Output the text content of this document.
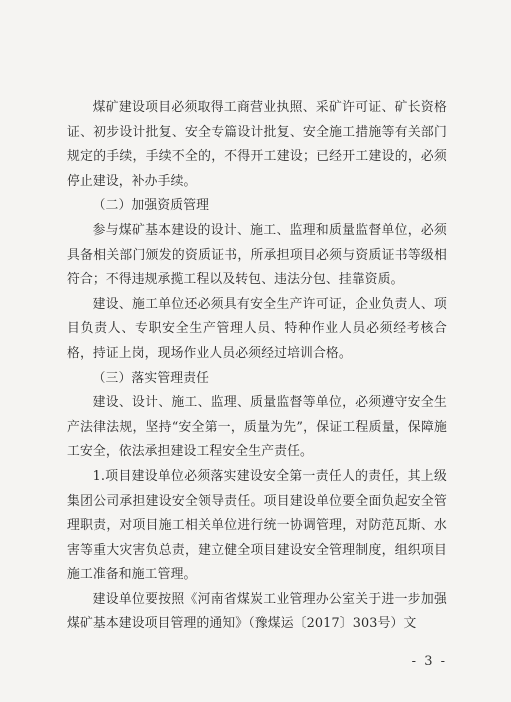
煤矿建设项目必须取得工商营业执照、采矿许可证、矿长资格证、初步设计批复、安全专篇设计批复、安全施工措施等有关部门规定的手续，手续不全的，不得开工建设；已经开工建设的，必须停止建设，补办手续。

（二）加强资质管理

参与煤矿基本建设的设计、施工、监理和质量监督单位，必须具备相关部门颁发的资质证书，所承担项目必须与资质证书等级相符合；不得违规承揽工程以及转包、违法分包、挂靠资质。

建设、施工单位还必须具有安全生产许可证，企业负责人、项目负责人、专职安全生产管理人员、特种作业人员必须经考核合格，持证上岗，现场作业人员必须经过培训合格。

（三）落实管理责任

建设、设计、施工、监理、质量监督等单位，必须遵守安全生产法律法规，坚持“安全第一，质量为先”，保证工程质量，保障施工安全，依法承担建设工程安全生产责任。

1.项目建设单位必须落实建设安全第一责任人的责任，其上级集团公司承担建设安全领导责任。项目建设单位要全面负起安全管理职责，对项目施工相关单位进行统一协调管理，对防范瓦斯、水害等重大灾害负总责，建立健全项目建设安全管理制度，组织项目施工准备和施工管理。

建设单位要按照《河南省煤炭工业管理办公室关于进一步加强煤矿基本建设项目管理的通知》（豫煤运〔2017〕303号）文

- 3 -
